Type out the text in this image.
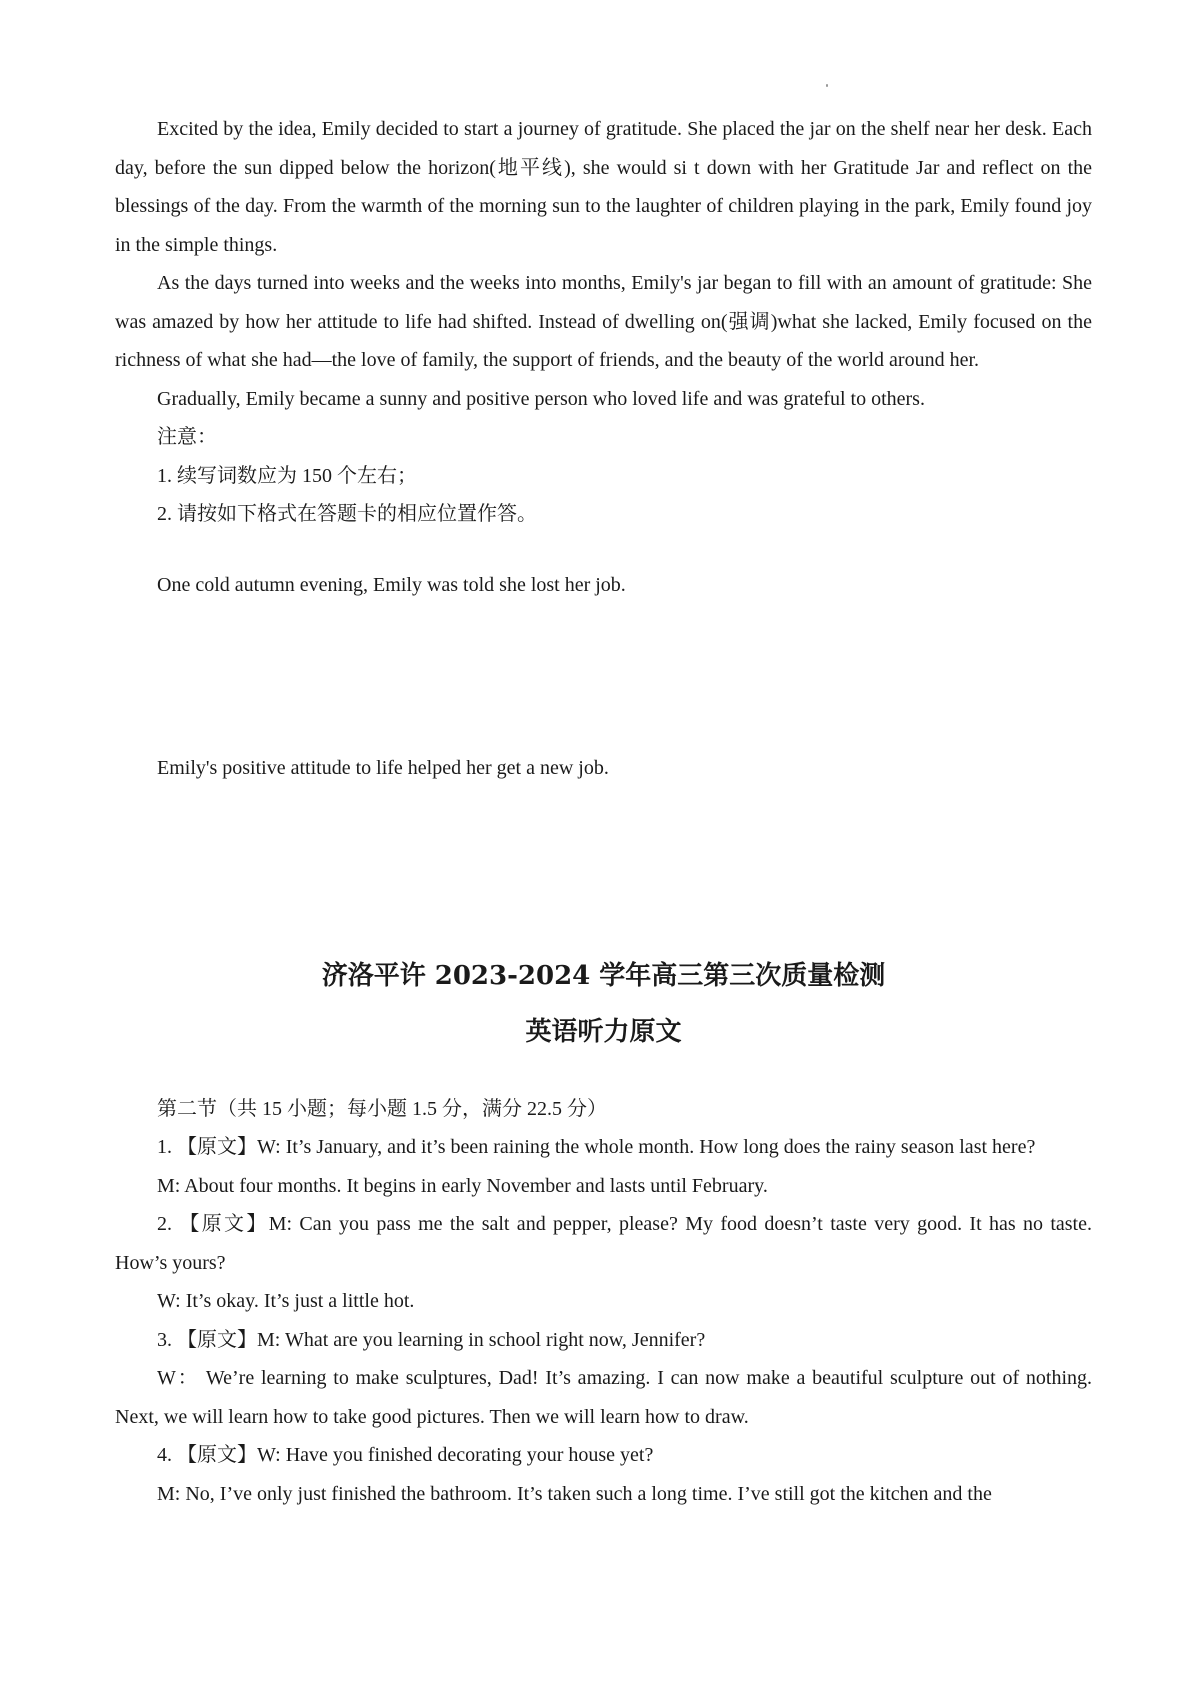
Excited by the idea, Emily decided to start a journey of gratitude. She placed the jar on the shelf near her desk. Each day, before the sun dipped below the horizon(地平线), she would si t down with her Gratitude Jar and reflect on the blessings of the day. From the warmth of the morning sun to the laughter of children playing in the park, Emily found joy in the simple things.

As the days turned into weeks and the weeks into months, Emily's jar began to fill with an amount of gratitude: She was amazed by how her attitude to life had shifted. Instead of dwelling on(强调)what she lacked, Emily focused on the richness of what she had—the love of family, the support of friends, and the beauty of the world around her.

Gradually, Emily became a sunny and positive person who loved life and was grateful to others.

注意：

1. 续写词数应为 150 个左右；

2. 请按如下格式在答题卡的相应位置作答。

One cold autumn evening, Emily was told she lost her job.

Emily's positive attitude to life helped her get a new job.

济洛平许 2023-2024 学年高三第三次质量检测
英语听力原文

第二节（共 15 小题；每小题 1.5 分，满分 22.5 分）

1. 【原文】W: It’s January, and it’s been raining the whole month. How long does the rainy season last here?

M: About four months. It begins in early November and lasts until February.

2. 【原文】M: Can you pass me the salt and pepper, please? My food doesn’t taste very good. It has no taste. How’s yours?

W: It’s okay. It’s just a little hot.

3. 【原文】M: What are you learning in school right now, Jennifer?

W： We’re learning to make sculptures, Dad! It’s amazing. I can now make a beautiful sculpture out of nothing. Next, we will learn how to take good pictures. Then we will learn how to draw.

4. 【原文】W: Have you finished decorating your house yet?

M: No, I’ve only just finished the bathroom. It’s taken such a long time. I’ve still got the kitchen and the
